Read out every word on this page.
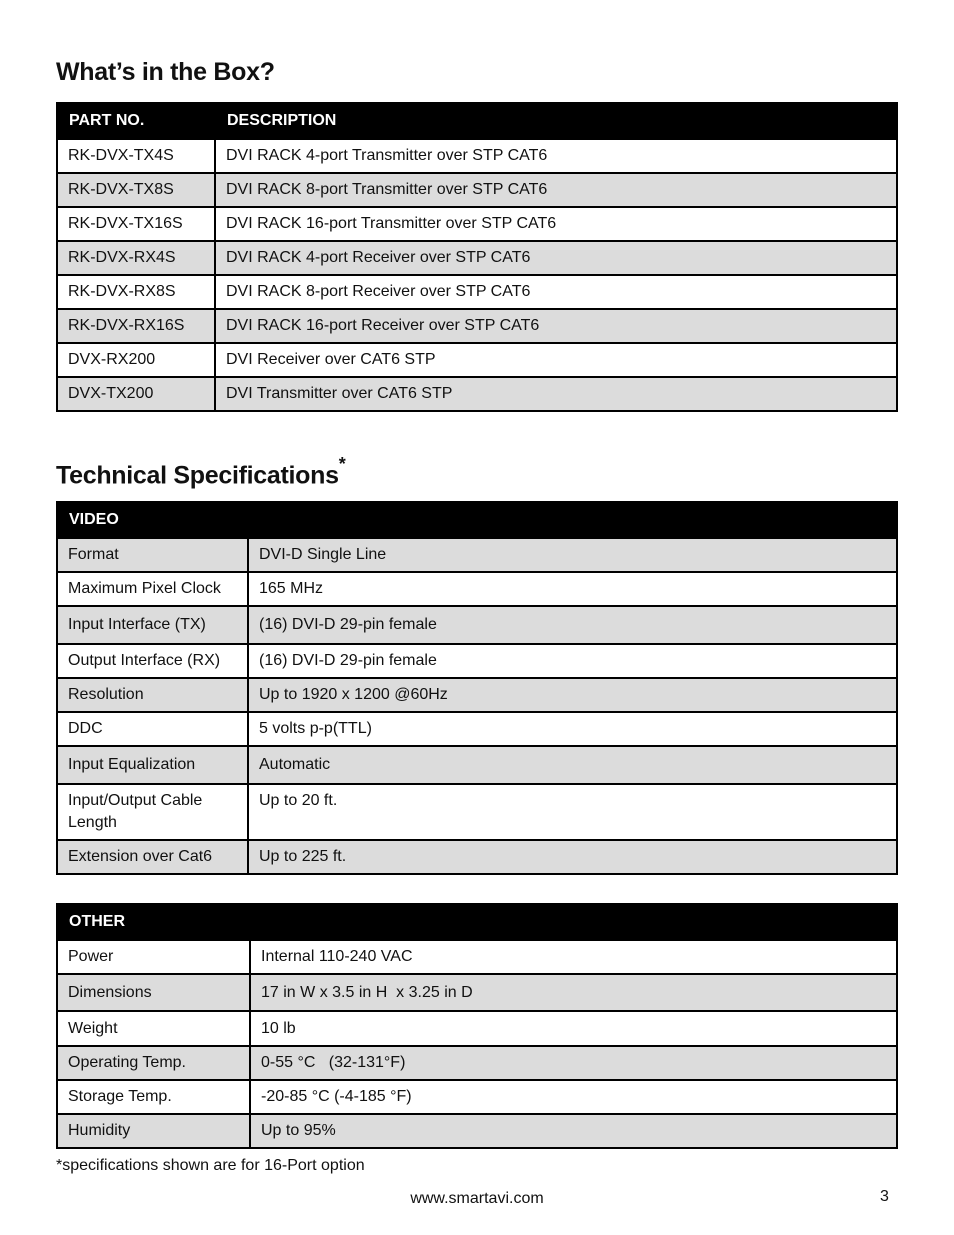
What’s in the Box?
PART NO.	DESCRIPTION
RK-DVX-TX4S	DVI RACK 4-port Transmitter over STP CAT6
RK-DVX-TX8S	DVI RACK 8-port Transmitter over STP CAT6
RK-DVX-TX16S	DVI RACK 16-port Transmitter over STP CAT6
RK-DVX-RX4S	DVI RACK 4-port Receiver over STP CAT6
RK-DVX-RX8S	DVI RACK 8-port Receiver over STP CAT6
RK-DVX-RX16S	DVI RACK 16-port Receiver over STP CAT6
DVX-RX200	DVI Receiver over CAT6 STP
DVX-TX200	DVI Transmitter over CAT6 STP
Technical Specifications*
VIDEO	
Format	DVI-D Single Line
Maximum Pixel Clock	165 MHz
Input Interface (TX)	(16) DVI-D 29-pin female
Output Interface (RX)	(16) DVI-D 29-pin female
Resolution	Up to 1920 x 1200 @60Hz
DDC	5 volts p-p(TTL)
Input Equalization	Automatic
Input/Output Cable Length	Up to 20 ft.
Extension over Cat6	Up to 225 ft.
OTHER	
Power	Internal 110-240 VAC
Dimensions	17 in W x 3.5 in H  x 3.25 in D
Weight	10 lb
Operating Temp.	0-55 °C   (32-131°F)
Storage Temp.	-20-85 °C (-4-185 °F)
Humidity	Up to 95%
*specifications shown are for 16-Port option
www.smartavi.com	3
